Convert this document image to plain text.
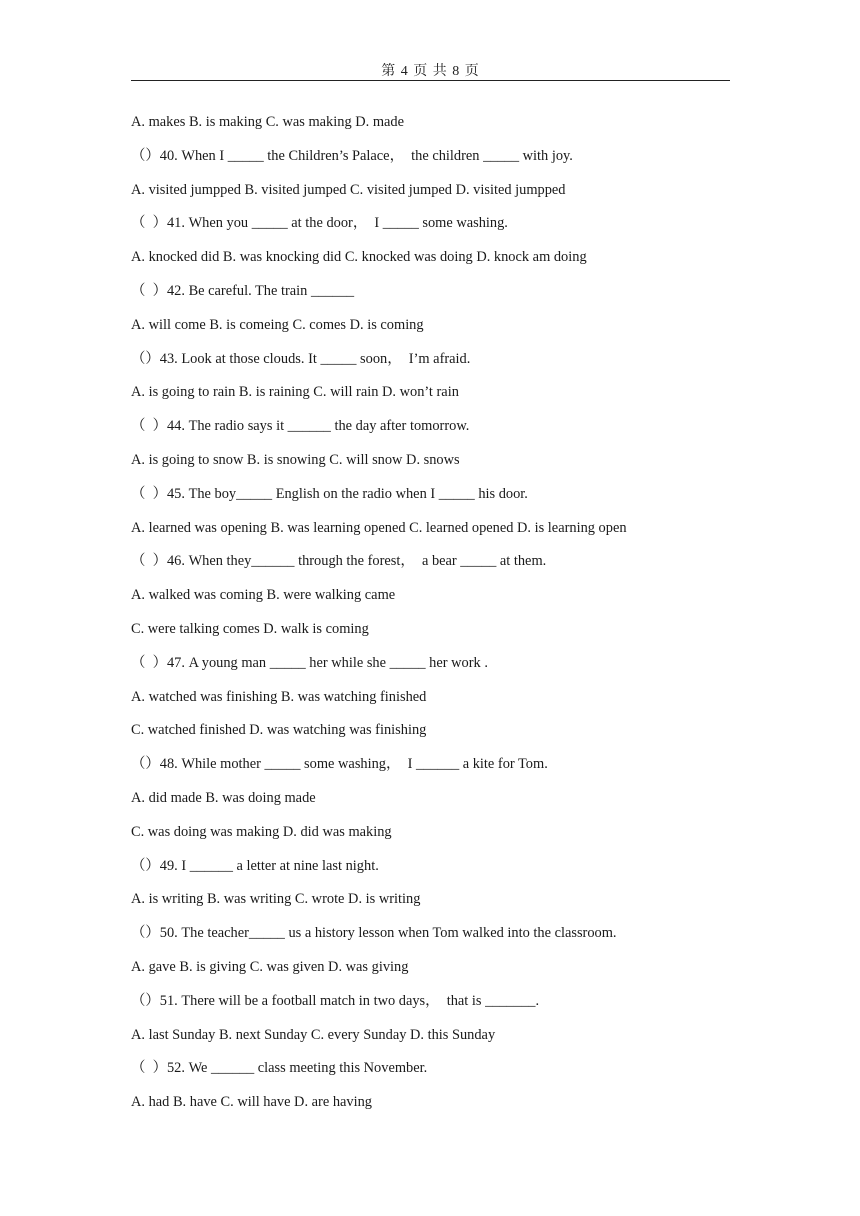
第 4 页 共 8 页
A. makes B. is making C. was making D. made
（）40. When I _____ the Children’s Palace，  the children _____ with joy.
A. visited jumpped B. visited jumped C. visited jumped D. visited jumpped
（  ）41. When you _____ at the door，  I _____ some washing.
A. knocked did B. was knocking did C. knocked was doing D. knock am doing
（  ）42. Be careful. The train ______
A. will come B. is comeing C. comes D. is coming
（）43. Look at those clouds. It _____ soon，  I’m afraid.
A. is going to rain B. is raining C. will rain D. won’t rain
（  ）44. The radio says it ______ the day after tomorrow.
A. is going to snow B. is snowing C. will snow D. snows
（  ）45. The boy_____ English on the radio when I _____ his door.
A. learned was opening B. was learning opened C. learned opened D. is learning open
（  ）46. When they______ through the forest，  a bear _____ at them.
A. walked was coming B. were walking came
C. were talking comes D. walk is coming
（  ）47. A young man _____ her while she _____ her work .
A. watched was finishing B. was watching finished
C. watched finished D. was watching was finishing
（）48. While mother _____ some washing，  I ______ a kite for Tom.
A. did made B. was doing made
C. was doing was making D. did was making
（）49. I ______ a letter at nine last night.
A. is writing B. was writing C. wrote D. is writing
（）50. The teacher_____ us a history lesson when Tom walked into the classroom.
A. gave B. is giving C. was given D. was giving
（）51. There will be a football match in two days，  that is _______.
A. last Sunday B. next Sunday C. every Sunday D. this Sunday
（  ）52. We ______ class meeting this November.
A. had B. have C. will have D. are having
